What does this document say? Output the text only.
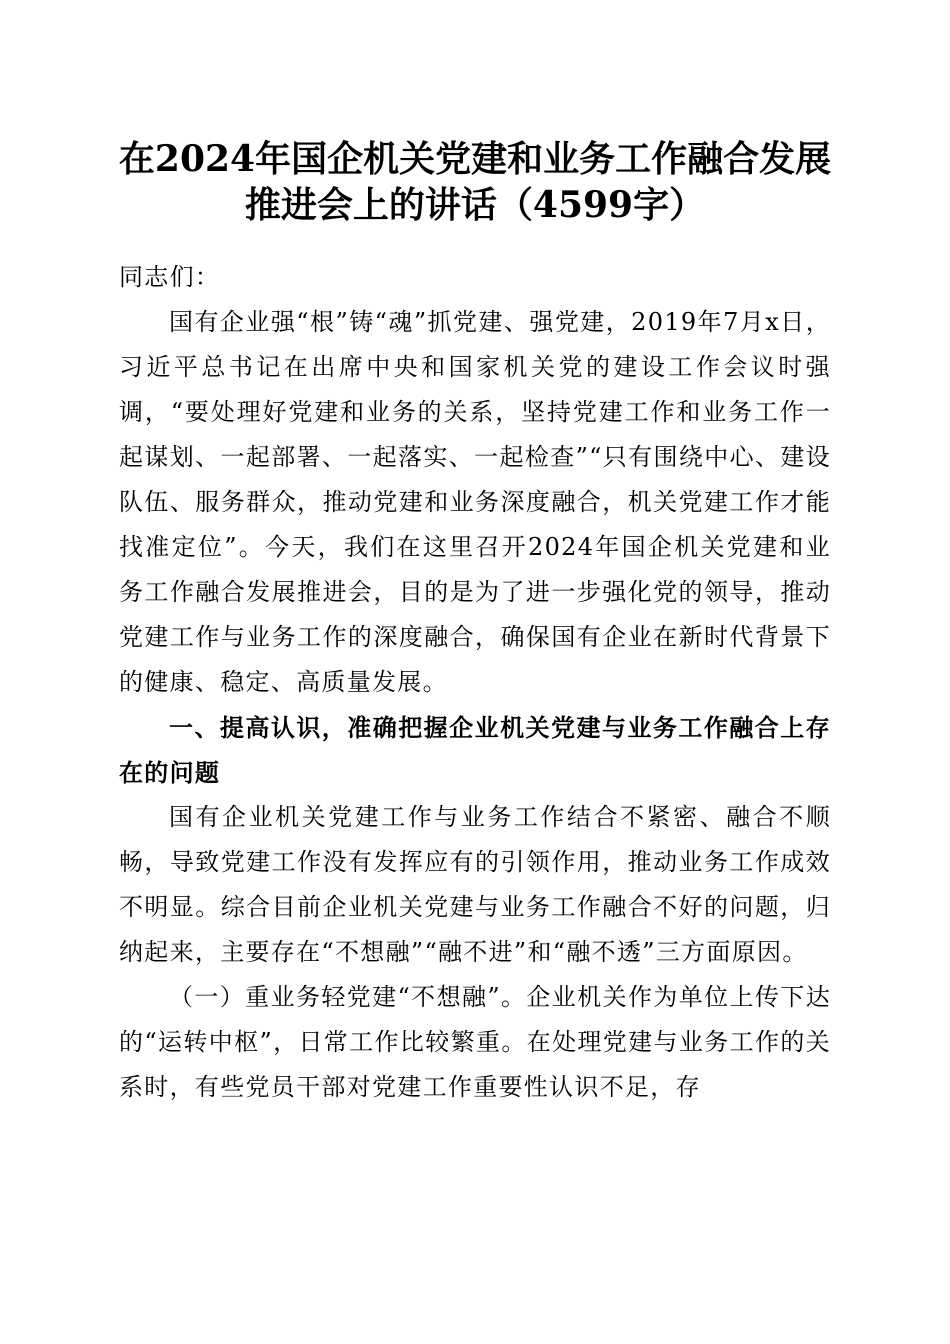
在2024年国企机关党建和业务工作融合发展
推进会上的讲话（4599字）

同志们：

国有企业强“根”铸“魂”抓党建、强党建，2019年7月x日，习近平总书记在出席中央和国家机关党的建设工作会议时强调，“要处理好党建和业务的关系，坚持党建工作和业务工作一起谋划、一起部署、一起落实、一起检查”“只有围绕中心、建设队伍、服务群众，推动党建和业务深度融合，机关党建工作才能找准定位”。今天，我们在这里召开2024年国企机关党建和业务工作融合发展推进会，目的是为了进一步强化党的领导，推动党建工作与业务工作的深度融合，确保国有企业在新时代背景下的健康、稳定、高质量发展。

一、提高认识，准确把握企业机关党建与业务工作融合上存在的问题

国有企业机关党建工作与业务工作结合不紧密、融合不顺畅，导致党建工作没有发挥应有的引领作用，推动业务工作成效不明显。综合目前企业机关党建与业务工作融合不好的问题，归纳起来，主要存在“不想融”“融不进”和“融不透”三方面原因。

（一）重业务轻党建“不想融”。企业机关作为单位上传下达的“运转中枢”，日常工作比较繁重。在处理党建与业务工作的关系时，有些党员干部对党建工作重要性认识不足，存
